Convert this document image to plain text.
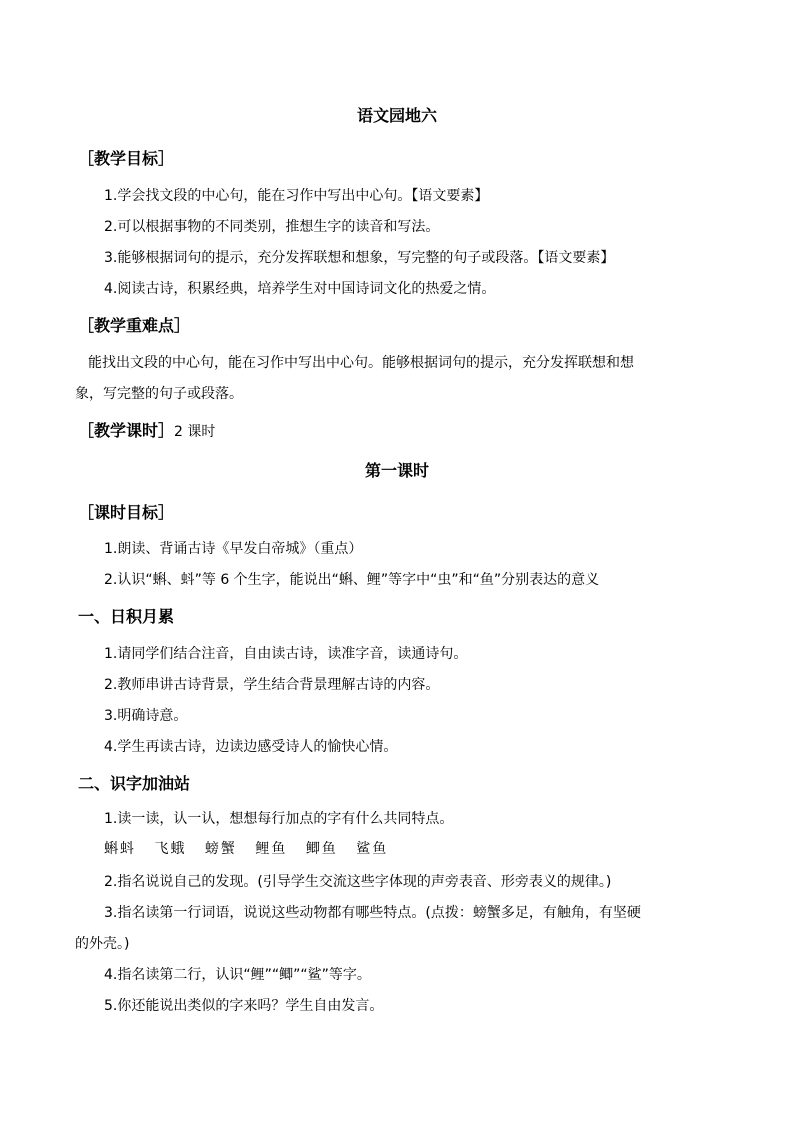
语文园地六
［教学目标］
1.学会找文段的中心句，能在习作中写出中心句。【语文要素】
2.可以根据事物的不同类别，推想生字的读音和写法。
3.能够根据词句的提示，充分发挥联想和想象，写完整的句子或段落。【语文要素】
4.阅读古诗，积累经典，培养学生对中国诗词文化的热爱之情。
［教学重难点］
能找出文段的中心句，能在习作中写出中心句。能够根据词句的提示，充分发挥联想和想
象，写完整的句子或段落。
［教学课时］2 课时
第一课时
［课时目标］
1.朗读、背诵古诗《早发白帝城》（重点）
2.认识“蝌、蚪”等 6 个生字，能说出“蝌、鲤”等字中“虫”和“鱼”分别表达的意义
一、日积月累
1.请同学们结合注音，自由读古诗，读准字音，读通诗句。
2.教师串讲古诗背景，学生结合背景理解古诗的内容。
3.明确诗意。
4.学生再读古诗，边读边感受诗人的愉快心情。
二、识字加油站
1.读一读，认一认，想想每行加点的字有什么共同特点。
蝌蚪 飞蛾 螃蟹 鲤鱼 鲫鱼 鲨鱼
2.指名说说自己的发现。(引导学生交流这些字体现的声旁表音、形旁表义的规律。)
3.指名读第一行词语，说说这些动物都有哪些特点。(点拨：螃蟹多足，有触角，有坚硬
的外壳。)
4.指名读第二行，认识“鲤”“鲫”“鲨”等字。
5.你还能说出类似的字来吗？学生自由发言。
